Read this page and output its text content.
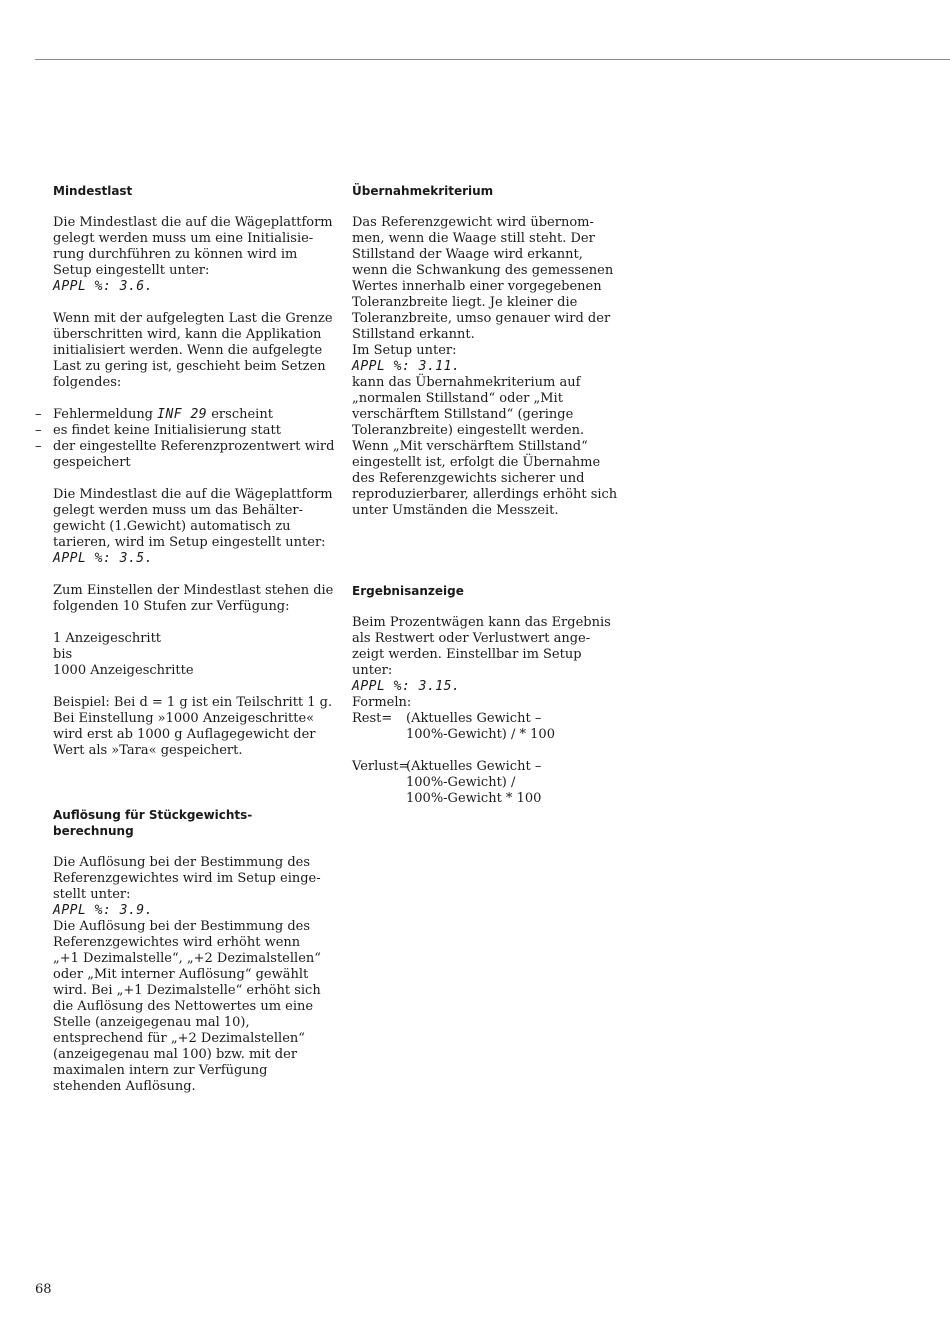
Mindestlast
Die Mindestlast die auf die Wägeplattform
gelegt werden muss um eine Initialisie-
rung durchführen zu können wird im
Setup eingestellt unter:
APPL %: 3.6.
Wenn mit der aufgelegten Last die Grenze
überschritten wird, kann die Applikation
initialisiert werden. Wenn die aufgelegte
Last zu gering ist, geschieht beim Setzen
folgendes:
– Fehlermeldung INF 29 erscheint
– es findet keine Initialisierung statt
– der eingestellte Referenzprozentwert wird
gespeichert
Die Mindestlast die auf die Wägeplattform
gelegt werden muss um das Behälter-
gewicht (1.Gewicht) automatisch zu
tarieren, wird im Setup eingestellt unter:
APPL %: 3.5.
Zum Einstellen der Mindestlast stehen die
folgenden 10 Stufen zur Verfügung:
1 Anzeigeschritt
bis
1000 Anzeigeschritte
Beispiel: Bei d = 1 g ist ein Teilschritt 1 g.
Bei Einstellung »1000 Anzeigeschritte«
wird erst ab 1000 g Auflagegewicht der
Wert als »Tara« gespeichert.
Auflösung für Stückgewichts-
berechnung
Die Auflösung bei der Bestimmung des
Referenzgewichtes wird im Setup einge-
stellt unter:
APPL %: 3.9.
Die Auflösung bei der Bestimmung des
Referenzgewichtes wird erhöht wenn
„+1 Dezimalstelle“, „+2 Dezimalstellen“
oder „Mit interner Auflösung“ gewählt
wird. Bei „+1 Dezimalstelle“ erhöht sich
die Auflösung des Nettowertes um eine
Stelle (anzeigegenau mal 10),
entsprechend für „+2 Dezimalstellen“
(anzeigegenau mal 100) bzw. mit der
maximalen intern zur Verfügung
stehenden Auflösung.
Übernahmekriterium
Das Referenzgewicht wird übernom-
men, wenn die Waage still steht. Der
Stillstand der Waage wird erkannt,
wenn die Schwankung des gemessenen
Wertes innerhalb einer vorgegebenen
Toleranzbreite liegt. Je kleiner die
Toleranzbreite, umso genauer wird der
Stillstand erkannt.
Im Setup unter:
APPL %: 3.11.
kann das Übernahmekriterium auf
„normalen Stillstand“ oder „Mit
verschärftem Stillstand“ (geringe
Toleranzbreite) eingestellt werden.
Wenn „Mit verschärftem Stillstand“
eingestellt ist, erfolgt die Übernahme
des Referenzgewichts sicherer und
reproduzierbarer, allerdings erhöht sich
unter Umständen die Messzeit.
Ergebnisanzeige
Beim Prozentwägen kann das Ergebnis
als Restwert oder Verlustwert ange-
zeigt werden. Einstellbar im Setup
unter:
APPL %: 3.15.
Formeln:
Rest=	(Aktuelles Gewicht –
100%-Gewicht) / * 100
Verlust=
(Aktuelles Gewicht –
100%-Gewicht) /
100%-Gewicht * 100
68
